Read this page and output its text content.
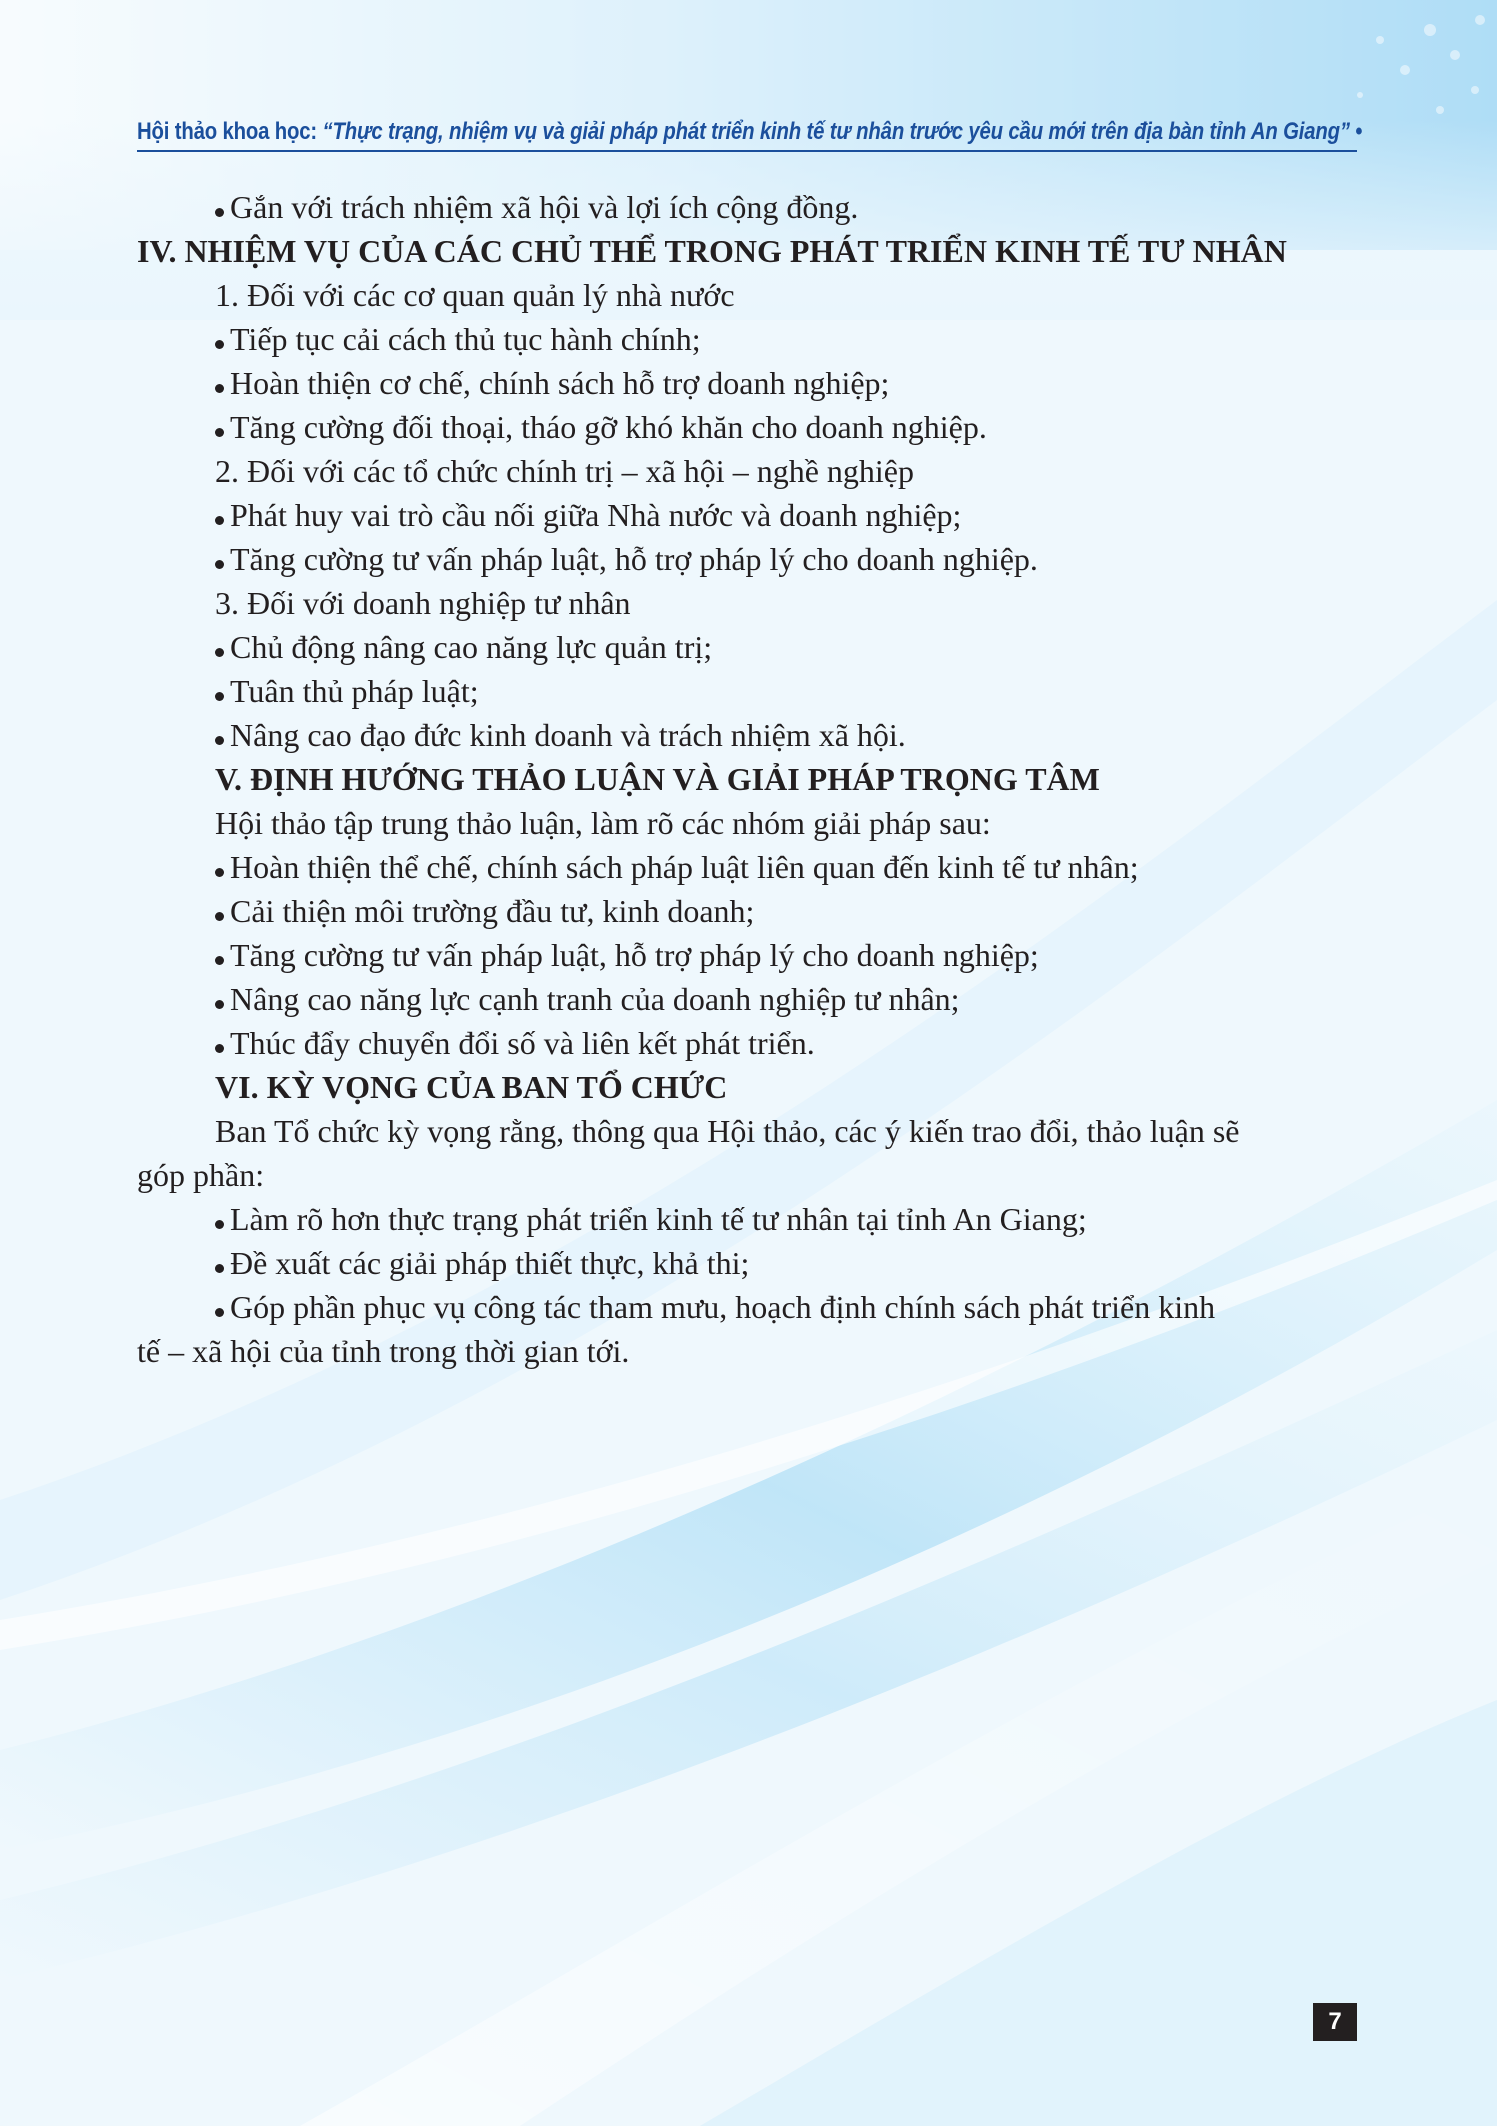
Hội thảo khoa học: “Thực trạng, nhiệm vụ và giải pháp phát triển kinh tế tư nhân trước yêu cầu mới trên địa bàn tỉnh An Giang” •
Gắn với trách nhiệm xã hội và lợi ích cộng đồng.
IV. NHIỆM VỤ CỦA CÁC CHỦ THỂ TRONG PHÁT TRIỂN KINH TẾ TƯ NHÂN
1. Đối với các cơ quan quản lý nhà nước
Tiếp tục cải cách thủ tục hành chính;
Hoàn thiện cơ chế, chính sách hỗ trợ doanh nghiệp;
Tăng cường đối thoại, tháo gỡ khó khăn cho doanh nghiệp.
2. Đối với các tổ chức chính trị – xã hội – nghề nghiệp
Phát huy vai trò cầu nối giữa Nhà nước và doanh nghiệp;
Tăng cường tư vấn pháp luật, hỗ trợ pháp lý cho doanh nghiệp.
3. Đối với doanh nghiệp tư nhân
Chủ động nâng cao năng lực quản trị;
Tuân thủ pháp luật;
Nâng cao đạo đức kinh doanh và trách nhiệm xã hội.
V. ĐỊNH HƯỚNG THẢO LUẬN VÀ GIẢI PHÁP TRỌNG TÂM
Hội thảo tập trung thảo luận, làm rõ các nhóm giải pháp sau:
Hoàn thiện thể chế, chính sách pháp luật liên quan đến kinh tế tư nhân;
Cải thiện môi trường đầu tư, kinh doanh;
Tăng cường tư vấn pháp luật, hỗ trợ pháp lý cho doanh nghiệp;
Nâng cao năng lực cạnh tranh của doanh nghiệp tư nhân;
Thúc đẩy chuyển đổi số và liên kết phát triển.
VI. KỲ VỌNG CỦA BAN TỔ CHỨC
Ban Tổ chức kỳ vọng rằng, thông qua Hội thảo, các ý kiến trao đổi, thảo luận sẽ
góp phần:
Làm rõ hơn thực trạng phát triển kinh tế tư nhân tại tỉnh An Giang;
Đề xuất các giải pháp thiết thực, khả thi;
Góp phần phục vụ công tác tham mưu, hoạch định chính sách phát triển kinh
tế – xã hội của tỉnh trong thời gian tới.
7
